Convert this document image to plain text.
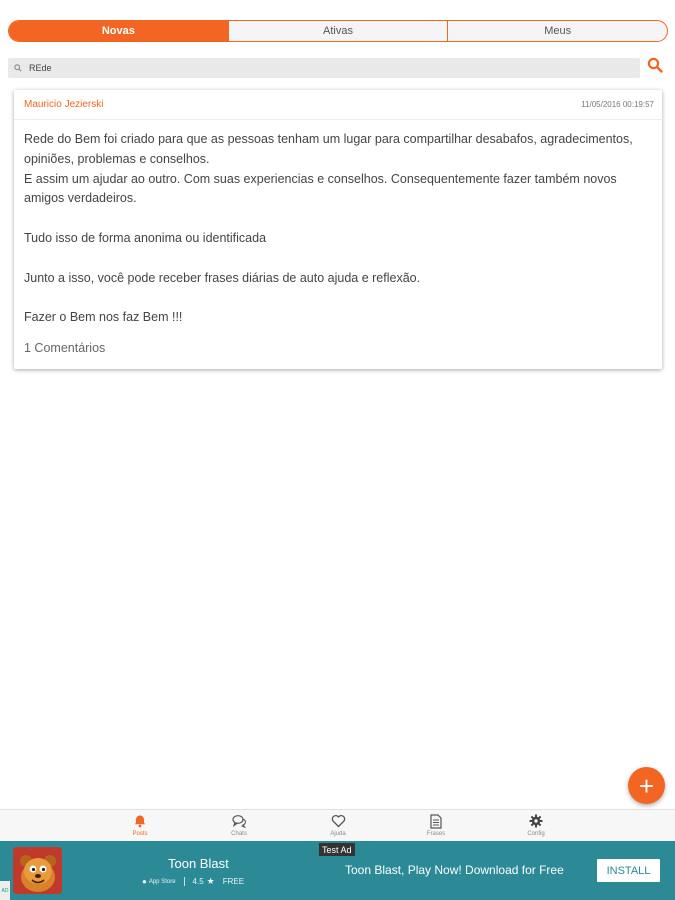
Novas	Ativas	Meus
REde
Mauricio Jezierski	11/05/2016 00:19:57

Rede do Bem foi criado para que as pessoas tenham um lugar para compartilhar desabafos, agradecimentos, opiniões, problemas e conselhos.
E assim um ajudar ao outro. Com suas experiencias e conselhos. Consequentemente fazer também novos amigos verdadeiros.

Tudo isso de forma anonima ou identificada

Junto a isso, você pode receber frases diárias de auto ajuda e reflexão.

Fazer o Bem nos faz Bem !!!

1 Comentários
+
Posts	Chats	Ajuda	Frases	Config
Toon Blast
● App Store 4.5 ★ FREE
Toon Blast, Play Now! Download for Free	INSTALL
Test Ad
AD
